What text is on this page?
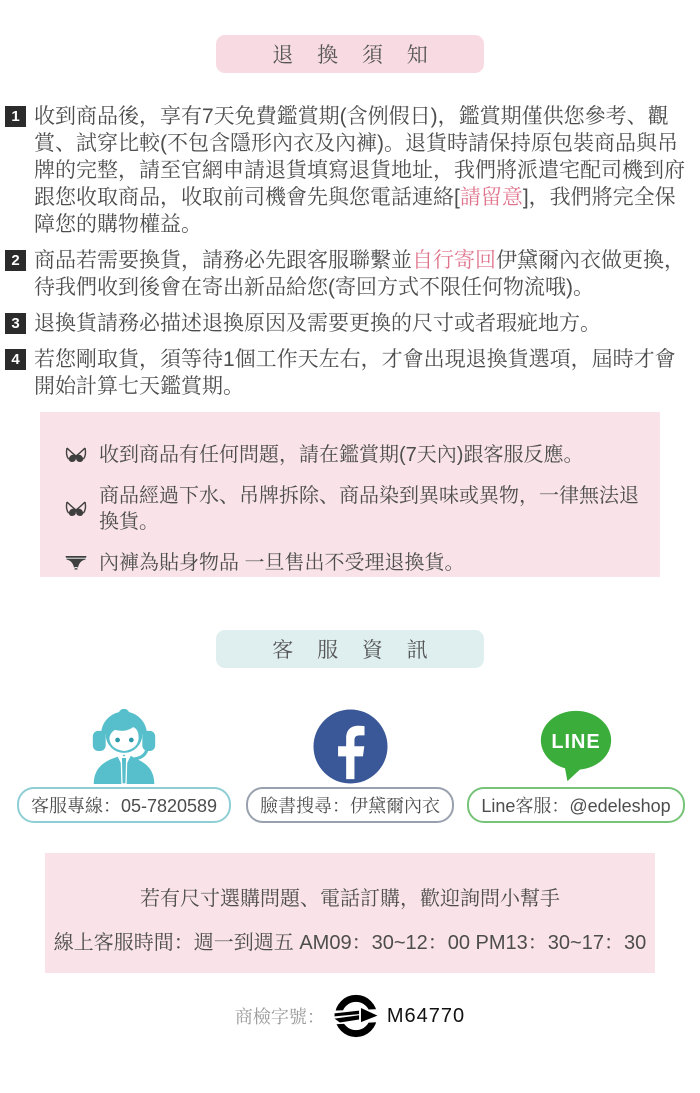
退 換 須 知
1 收到商品後，享有7天免費鑑賞期(含例假日)，鑑賞期僅供您參考、觀賞、試穿比較(不包含隱形內衣及內褲)。退貨時請保持原包裝商品與吊牌的完整，請至官網申請退貨填寫退貨地址，我們將派遣宅配司機到府跟您收取商品，收取前司機會先與您電話連絡[請留意]，我們將完全保障您的購物權益。
2 商品若需要換貨，請務必先跟客服聯繫並自行寄回伊黛爾內衣做更換，待我們收到後會在寄出新品給您(寄回方式不限任何物流哦)。
3 退換貨請務必描述退換原因及需要更換的尺寸或者瑕疵地方。
4 若您剛取貨，須等待1個工作天左右，才會出現退換貨選項，屆時才會開始計算七天鑑賞期。
收到商品有任何問題，請在鑑賞期(7天內)跟客服反應。
商品經過下水、吊牌拆除、商品染到異味或異物，一律無法退換貨。
內褲為貼身物品 一旦售出不受理退換貨。
客 服 資 訊
客服專線：05-7820589	臉書搜尋：伊黛爾內衣
LINE
Line客服：@edeleshop
若有尺寸選購問題、電話訂購，歡迎詢問小幫手
線上客服時間：週一到週五 AM09：30~12：00 PM13：30~17：30
商檢字號：	M64770
